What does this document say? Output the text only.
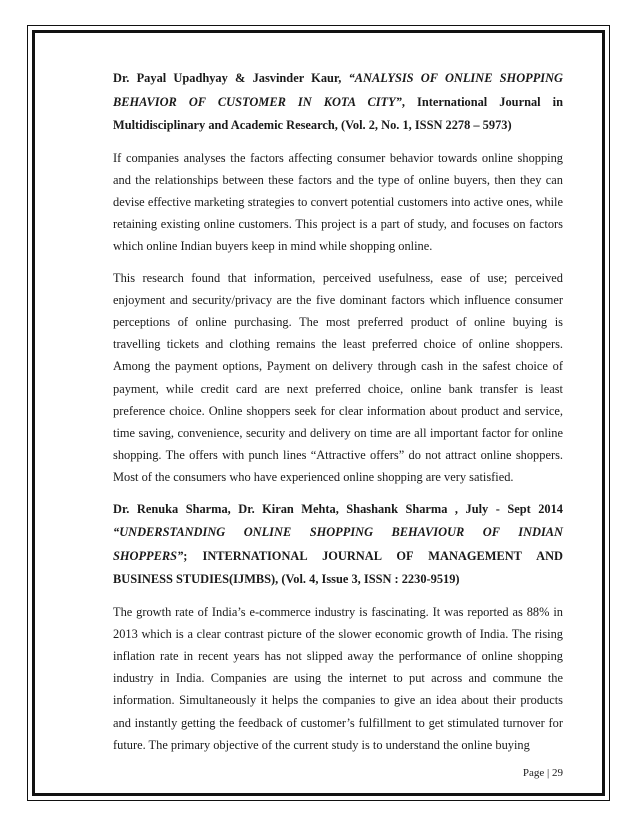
Dr. Payal Upadhyay & Jasvinder Kaur, “ANALYSIS OF ONLINE SHOPPING BEHAVIOR OF CUSTOMER IN KOTA CITY”, International Journal in Multidisciplinary and Academic Research, (Vol. 2, No. 1, ISSN 2278 – 5973)

If companies analyses the factors affecting consumer behavior towards online shopping and the relationships between these factors and the type of online buyers, then they can devise effective marketing strategies to convert potential customers into active ones, while retaining existing online customers. This project is a part of study, and focuses on factors which online Indian buyers keep in mind while shopping online.

This research found that information, perceived usefulness, ease of use; perceived enjoyment and security/privacy are the five dominant factors which influence consumer perceptions of online purchasing. The most preferred product of online buying is travelling tickets and clothing remains the least preferred choice of online shoppers. Among the payment options, Payment on delivery through cash in the safest choice of payment, while credit card are next preferred choice, online bank transfer is least preference choice. Online shoppers seek for clear information about product and service, time saving, convenience, security and delivery on time are all important factor for online shopping. The offers with punch lines “Attractive offers” do not attract online shoppers. Most of the consumers who have experienced online shopping are very satisfied.

Dr. Renuka Sharma, Dr. Kiran Mehta, Shashank Sharma , July - Sept 2014 “UNDERSTANDING ONLINE SHOPPING BEHAVIOUR OF INDIAN SHOPPERS”; INTERNATIONAL JOURNAL OF MANAGEMENT AND BUSINESS STUDIES(IJMBS), (Vol. 4, Issue 3, ISSN : 2230-9519)

The growth rate of India’s e-commerce industry is fascinating. It was reported as 88% in 2013 which is a clear contrast picture of the slower economic growth of India. The rising inflation rate in recent years has not slipped away the performance of online shopping industry in India. Companies are using the internet to put across and commune the information. Simultaneously it helps the companies to give an idea about their products and instantly getting the feedback of customer’s fulfillment to get stimulated turnover for future. The primary objective of the current study is to understand the online buying

Page | 29
